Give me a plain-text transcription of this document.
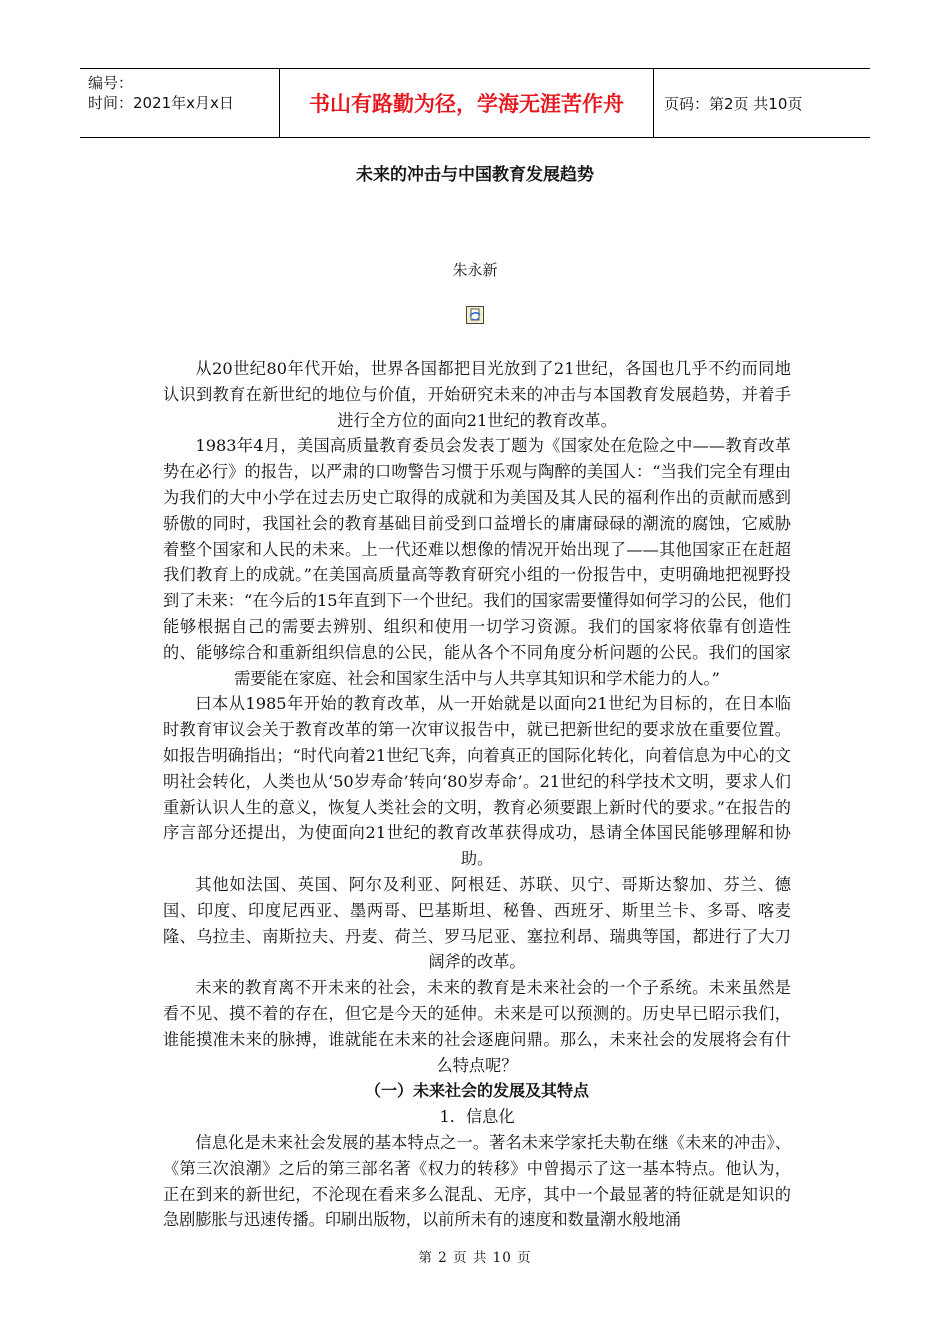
编号：
时间：2021年x月x日	书山有路勤为径，学海无涯苦作舟	页码：第2页 共10页
未来的冲击与中国教育发展趋势
朱永新

从20世纪80年代开始，世界各国都把目光放到了21世纪，各国也几乎不约而同地认识到教育在新世纪的地位与价值，开始研究未来的冲击与本国教育发展趋势，并着手进行全方位的面向21世纪的教育改革。

1983年4月，美国高质量教育委员会发表丁题为《国家处在危险之中——教育改革势在必行》的报告，以严肃的口吻警告习惯于乐观与陶醉的美国人：“当我们完全有理由为我们的大中小学在过去历史亡取得的成就和为美国及其人民的福利作出的贡献而感到骄傲的同时，我国社会的教育基础目前受到口益增长的庸庸碌碌的潮流的腐蚀，它威胁着整个国家和人民的未来。上一代还难以想像的情况开始出现了——其他国家正在赶超我们教育上的成就。”在美国高质量高等教育研究小组的一份报告中，吏明确地把视野投到了未来：“在今后的15年直到下一个世纪。我们的国家需要懂得如何学习的公民，他们能够根据自己的需要去辨别、组织和使用一切学习资源。我们的国家将依靠有创造性的、能够综合和重新组织信息的公民，能从各个不同角度分析问题的公民。我们的国家需要能在家庭、社会和国家生活中与人共享其知识和学术能力的人。”

曰本从1985年开始的教育改革，从一开始就是以面向21世纪为目标的，在日本临时教育审议会关于教育改革的第一次审议报告中，就已把新世纪的要求放在重要位置。如报告明确指出；“时代向着21世纪飞奔，向着真正的国际化转化，向着信息为中心的文明社会转化，人类也从‘50岁寿命’转向‘80岁寿命’。21世纪的科学技术文明，要求人们重新认识人生的意义，恢复人类社会的文明，教育必须要跟上新时代的要求。”在报告的序言部分还提出，为使面向21世纪的教育改革获得成功，恳请全体国民能够理解和协助。

其他如法国、英国、阿尔及利亚、阿根廷、苏联、贝宁、哥斯达黎加、芬兰、德国、印度、印度尼西亚、墨两哥、巴基斯坦、秘鲁、西班牙、斯里兰卡、多哥、喀麦隆、乌拉圭、南斯拉夫、丹麦、荷兰、罗马尼亚、塞拉利昂、瑞典等国，都进行了大刀阔斧的改革。

未来的教育离不开未来的社会，未来的教育是未来社会的一个子系统。未来虽然是看不见、摸不着的存在，但它是今天的延伸。未来是可以预测的。历史早已昭示我们，谁能摸准未来的脉搏，谁就能在未来的社会逐鹿问鼎。那么，未来社会的发展将会有什么特点呢？

（一）未来社会的发展及其特点
1．信息化

信息化是未来社会发展的基本特点之一。著名未来学家托夫勒在继《未来的冲击》、《第三次浪潮》之后的第三部名著《权力的转移》中曾揭示了这一基本特点。他认为，正在到来的新世纪，不沦现在看来多么混乱、无序，其中一个最显著的特征就是知识的急剧膨胀与迅速传播。印刷出版物，以前所未有的速度和数量潮水般地涌

第 2 页 共 10 页
